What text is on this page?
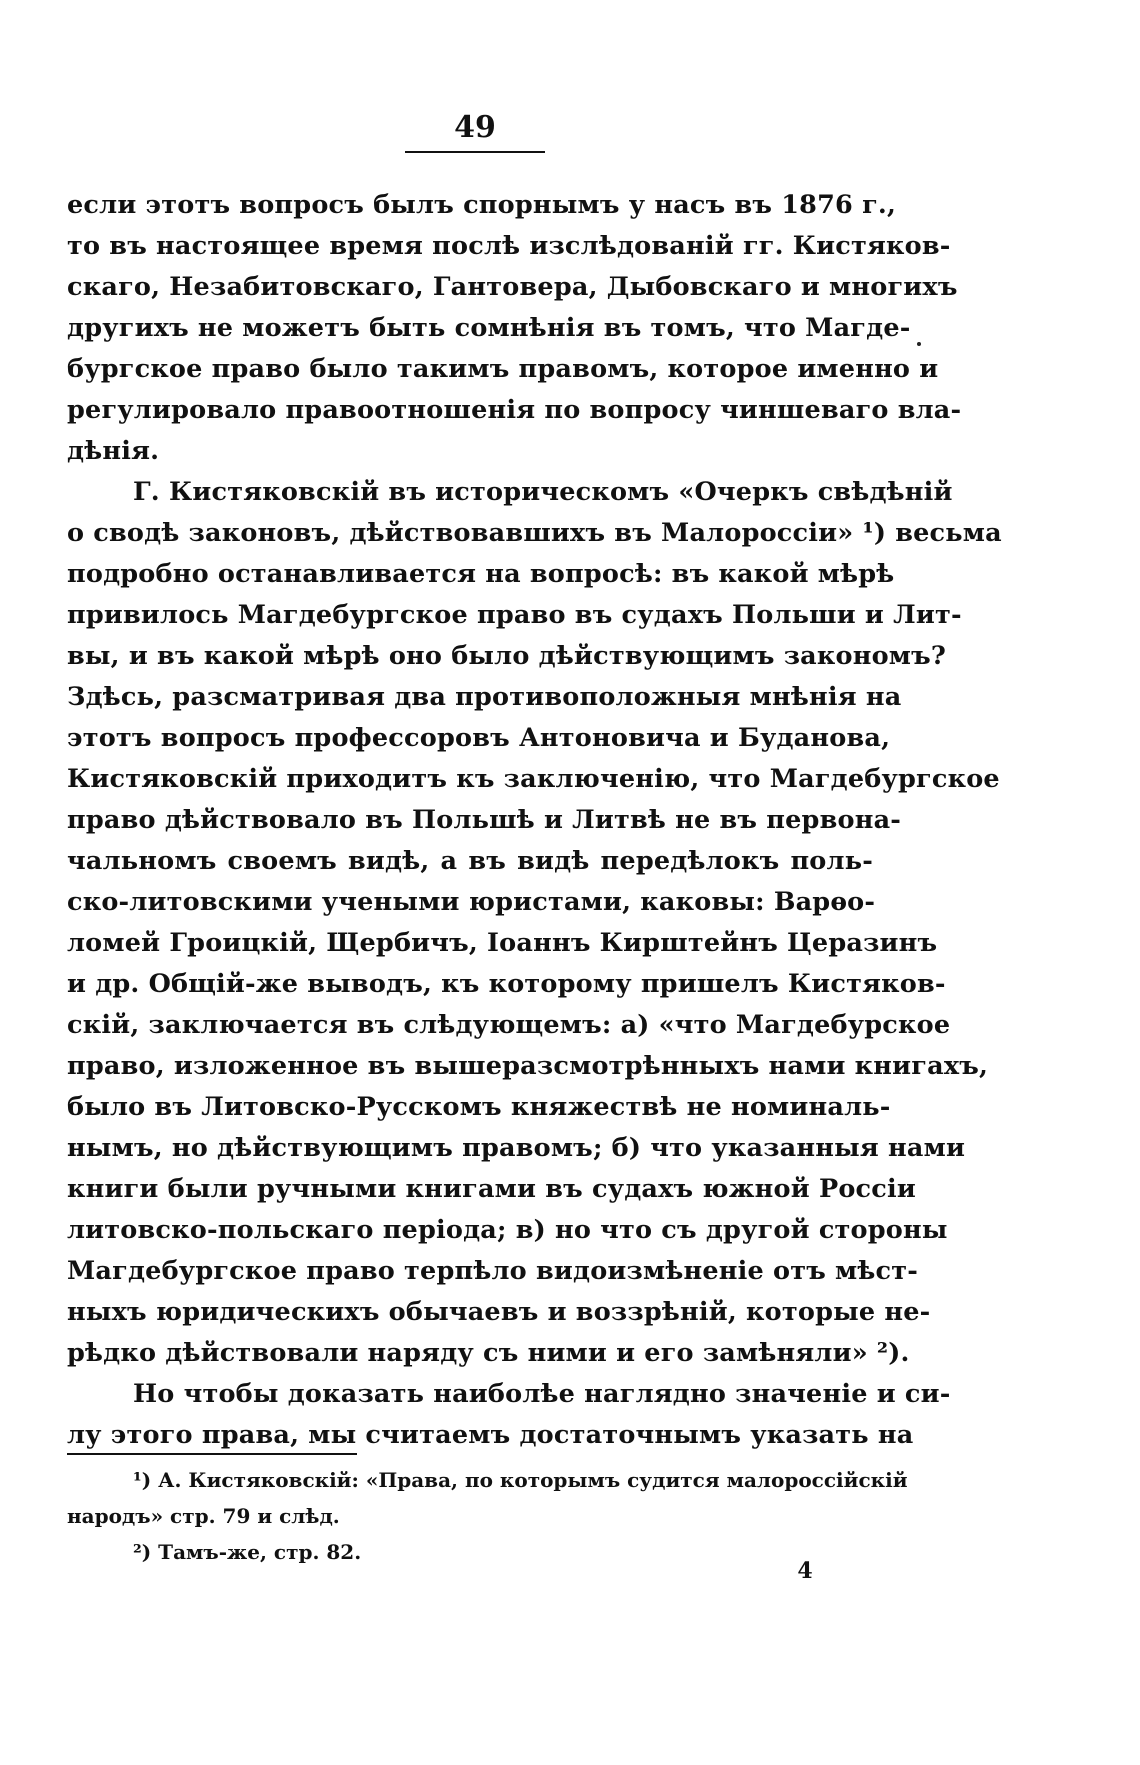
49
если этотъ вопросъ былъ спорнымъ у насъ въ 1876 г.,
то въ настоящее время послѣ изслѣдованій гг. Кистяков-
скаго, Незабитовскаго, Гантовера, Дыбовскаго и многихъ
другихъ не можетъ быть сомнѣнія въ томъ, что Магде-
бургское право было такимъ правомъ, которое именно и
регулировало правоотношенія по вопросу чиншеваго вла-
дѣнія.
Г. Кистяковскій въ историческомъ «Очеркъ свѣдѣній
о сводѣ законовъ, дѣйствовавшихъ въ Малороссіи» ¹) весьма
подробно останавливается на вопросѣ: въ какой мѣрѣ
привилось Магдебургское право въ судахъ Польши и Лит-
вы, и въ какой мѣрѣ оно было дѣйствующимъ закономъ?
Здѣсь, разсматривая два противоположныя мнѣнія на
этотъ вопросъ профессоровъ Антоновича и Буданова,
Кистяковскій приходитъ къ заключенію, что Магдебургское
право дѣйствовало въ Польшѣ и Литвѣ не въ первона-
чальномъ своемъ видѣ, а въ видѣ передѣлокъ поль-
ско-литовскими учеными юристами, каковы: Варѳо-
ломей Гроицкій, Щербичъ, Іоаннъ Кирштейнъ Церазинъ
и др. Общій-же выводъ, къ которому пришелъ Кистяков-
скій, заключается въ слѣдующемъ: а) «что Магдебурское
право, изложенное въ вышеразсмотрѣнныхъ нами книгахъ,
было въ Литовско-Русскомъ княжествѣ не номиналь-
нымъ, но дѣйствующимъ правомъ; б) что указанныя нами
книги были ручными книгами въ судахъ южной Россіи
литовско-польскаго періода; в) но что съ другой стороны
Магдебургское право терпѣло видоизмѣненіе отъ мѣст-
ныхъ юридическихъ обычаевъ и воззрѣній, которые не-
рѣдко дѣйствовали наряду съ ними и его замѣняли» ²).
Но чтобы доказать наиболѣе наглядно значеніе и си-
лу этого права, мы считаемъ достаточнымъ указать на
¹) А. Кистяковскій: «Права, по которымъ судится малороссійскій
народъ» стр. 79 и слѣд.
²) Тамъ-же, стр. 82.
4
